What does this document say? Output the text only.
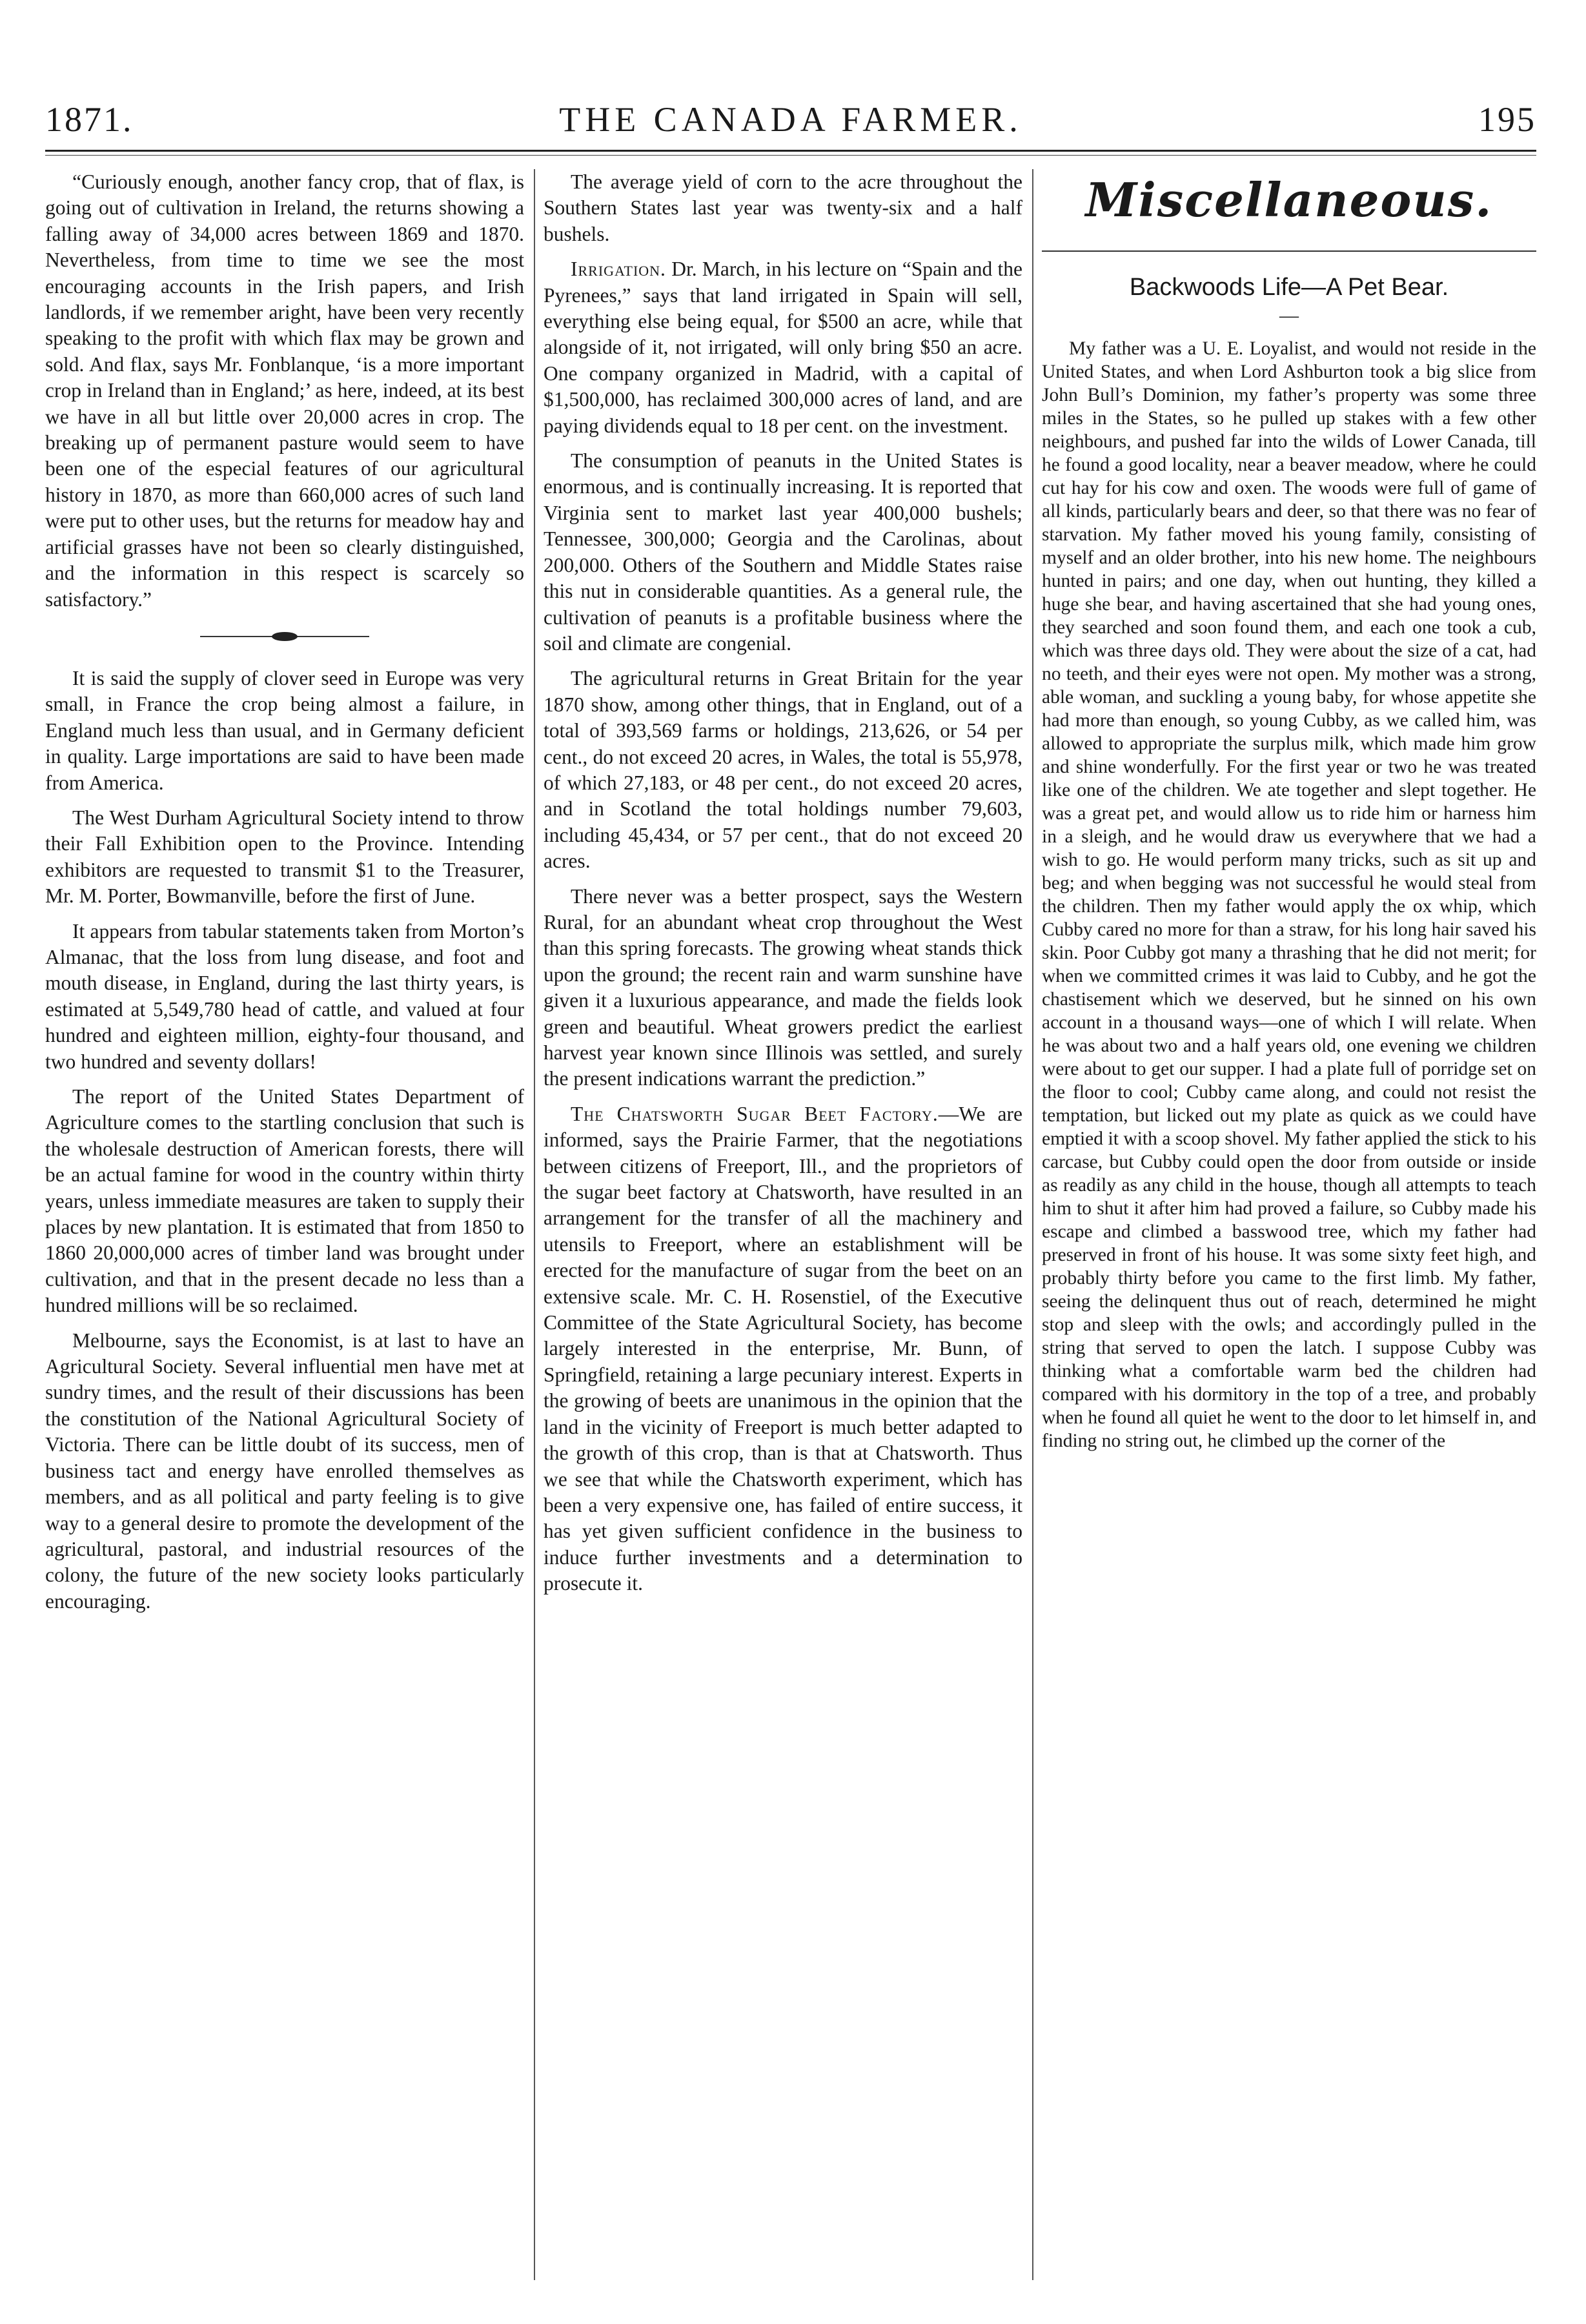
1871.	THE CANADA FARMER.	195

“Curiously enough, another fancy crop, that of flax, is going out of cultivation in Ireland, the returns showing a falling away of 34,000 acres between 1869 and 1870. Nevertheless, from time to time we see the most encouraging accounts in the Irish papers, and Irish landlords, if we remember aright, have been very recently speaking to the profit with which flax may be grown and sold. And flax, says Mr. Fonblanque, ‘is a more important crop in Ireland than in England;’ as here, indeed, at its best we have in all but little over 20,000 acres in crop. The breaking up of permanent pasture would seem to have been one of the especial features of our agricultural history in 1870, as more than 660,000 acres of such land were put to other uses, but the returns for meadow hay and artificial grasses have not been so clearly distinguished, and the information in this respect is scarcely so satisfactory.”

It is said the supply of clover seed in Europe was very small, in France the crop being almost a failure, in England much less than usual, and in Germany deficient in quality. Large importations are said to have been made from America.

The West Durham Agricultural Society intend to throw their Fall Exhibition open to the Province. Intending exhibitors are requested to transmit $1 to the Treasurer, Mr. M. Porter, Bowmanville, before the first of June.

It appears from tabular statements taken from Morton’s Almanac, that the loss from lung disease, and foot and mouth disease, in England, during the last thirty years, is estimated at 5,549,780 head of cattle, and valued at four hundred and eighteen million, eighty-four thousand, and two hundred and seventy dollars!

The report of the United States Department of Agriculture comes to the startling conclusion that such is the wholesale destruction of American forests, there will be an actual famine for wood in the country within thirty years, unless immediate measures are taken to supply their places by new plantation. It is estimated that from 1850 to 1860 20,000,000 acres of timber land was brought under cultivation, and that in the present decade no less than a hundred millions will be so reclaimed.

Melbourne, says the Economist, is at last to have an Agricultural Society. Several influential men have met at sundry times, and the result of their discussions has been the constitution of the National Agricultural Society of Victoria. There can be little doubt of its success, men of business tact and energy have enrolled themselves as members, and as all political and party feeling is to give way to a general desire to promote the development of the agricultural, pastoral, and industrial resources of the colony, the future of the new society looks particularly encouraging.

The average yield of corn to the acre throughout the Southern States last year was twenty-six and a half bushels.

Irrigation. Dr. March, in his lecture on “Spain and the Pyrenees,” says that land irrigated in Spain will sell, everything else being equal, for $500 an acre, while that alongside of it, not irrigated, will only bring $50 an acre. One company organized in Madrid, with a capital of $1,500,000, has reclaimed 300,000 acres of land, and are paying dividends equal to 18 per cent. on the investment.

The consumption of peanuts in the United States is enormous, and is continually increasing. It is reported that Virginia sent to market last year 400,000 bushels; Tennessee, 300,000; Georgia and the Carolinas, about 200,000. Others of the Southern and Middle States raise this nut in considerable quantities. As a general rule, the cultivation of peanuts is a profitable business where the soil and climate are congenial.

The agricultural returns in Great Britain for the year 1870 show, among other things, that in England, out of a total of 393,569 farms or holdings, 213,626, or 54 per cent., do not exceed 20 acres, in Wales, the total is 55,978, of which 27,183, or 48 per cent., do not exceed 20 acres, and in Scotland the total holdings number 79,603, including 45,434, or 57 per cent., that do not exceed 20 acres.

There never was a better prospect, says the Western Rural, for an abundant wheat crop throughout the West than this spring forecasts. The growing wheat stands thick upon the ground; the recent rain and warm sunshine have given it a luxurious appearance, and made the fields look green and beautiful. Wheat growers predict the earliest harvest year known since Illinois was settled, and surely the present indications warrant the prediction.”

The Chatsworth Sugar Beet Factory.—We are informed, says the Prairie Farmer, that the negotiations between citizens of Freeport, Ill., and the proprietors of the sugar beet factory at Chatsworth, have resulted in an arrangement for the transfer of all the machinery and utensils to Freeport, where an establishment will be erected for the manufacture of sugar from the beet on an extensive scale. Mr. C. H. Rosenstiel, of the Executive Committee of the State Agricultural Society, has become largely interested in the enterprise, Mr. Bunn, of Springfield, retaining a large pecuniary interest. Experts in the growing of beets are unanimous in the opinion that the land in the vicinity of Freeport is much better adapted to the growth of this crop, than is that at Chatsworth. Thus we see that while the Chatsworth experiment, which has been a very expensive one, has failed of entire success, it has yet given sufficient confidence in the business to induce further investments and a determination to prosecute it.

Miscellaneous.
Backwoods Life—A Pet Bear.
—

My father was a U. E. Loyalist, and would not reside in the United States, and when Lord Ashburton took a big slice from John Bull’s Dominion, my father’s property was some three miles in the States, so he pulled up stakes with a few other neighbours, and pushed far into the wilds of Lower Canada, till he found a good locality, near a beaver meadow, where he could cut hay for his cow and oxen. The woods were full of game of all kinds, particularly bears and deer, so that there was no fear of starvation. My father moved his young family, consisting of myself and an older brother, into his new home. The neighbours hunted in pairs; and one day, when out hunting, they killed a huge she bear, and having ascertained that she had young ones, they searched and soon found them, and each one took a cub, which was three days old. They were about the size of a cat, had no teeth, and their eyes were not open. My mother was a strong, able woman, and suckling a young baby, for whose appetite she had more than enough, so young Cubby, as we called him, was allowed to appropriate the surplus milk, which made him grow and shine wonderfully. For the first year or two he was treated like one of the children. We ate together and slept together. He was a great pet, and would allow us to ride him or harness him in a sleigh, and he would draw us everywhere that we had a wish to go. He would perform many tricks, such as sit up and beg; and when begging was not successful he would steal from the children. Then my father would apply the ox whip, which Cubby cared no more for than a straw, for his long hair saved his skin. Poor Cubby got many a thrashing that he did not merit; for when we committed crimes it was laid to Cubby, and he got the chastisement which we deserved, but he sinned on his own account in a thousand ways—one of which I will relate. When he was about two and a half years old, one evening we children were about to get our supper. I had a plate full of porridge set on the floor to cool; Cubby came along, and could not resist the temptation, but licked out my plate as quick as we could have emptied it with a scoop shovel. My father applied the stick to his carcase, but Cubby could open the door from outside or inside as readily as any child in the house, though all attempts to teach him to shut it after him had proved a failure, so Cubby made his escape and climbed a basswood tree, which my father had preserved in front of his house. It was some sixty feet high, and probably thirty before you came to the first limb. My father, seeing the delinquent thus out of reach, determined he might stop and sleep with the owls; and accordingly pulled in the string that served to open the latch. I suppose Cubby was thinking what a comfortable warm bed the children had compared with his dormitory in the top of a tree, and probably when he found all quiet he went to the door to let himself in, and finding no string out, he climbed up the corner of the
